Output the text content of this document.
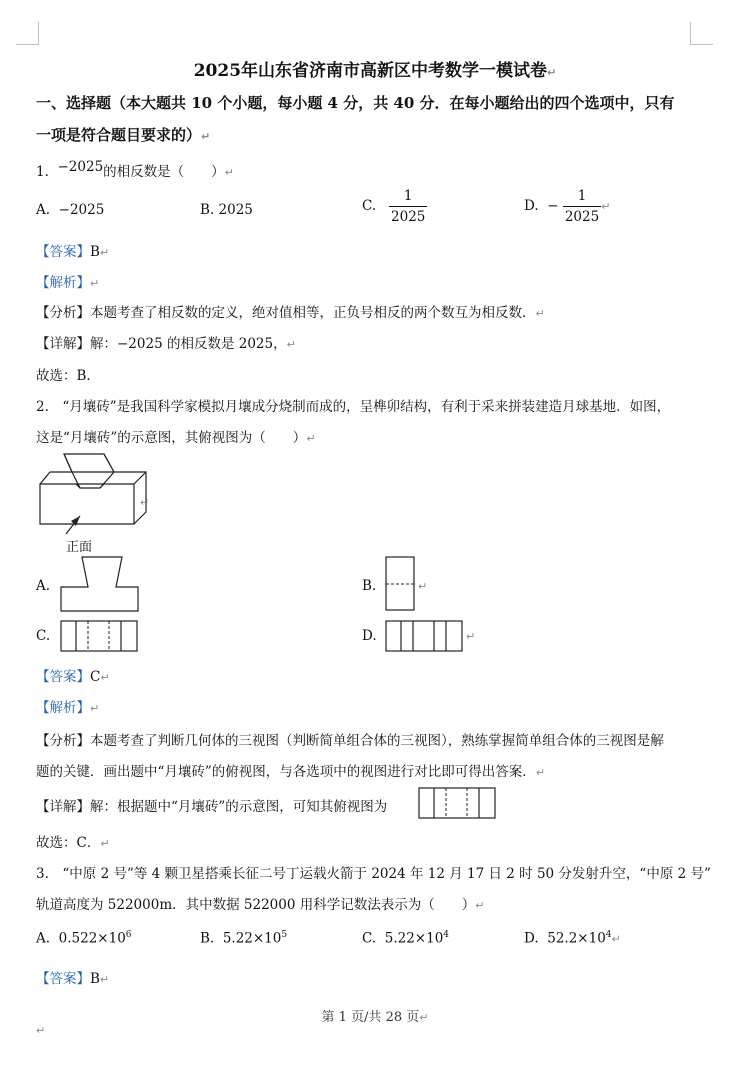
2025年山东省济南市高新区中考数学一模试卷↵
一、选择题（本大题共 10 个小题，每小题 4 分，共 40 分．在每小题给出的四个选项中，只有
一项是符合题目要求的）↵
1. −2025的相反数是（　　）↵
A. −2025	B. 2025	C. $\frac{1}{2025}$	D. − $\frac{1}{2025}$ ↵
【答案】B↵
【解析】↵
【分析】本题考查了相反数的定义，绝对值相等，正负号相反的两个数互为相反数．↵
【详解】解：−2025 的相反数是 2025，↵
故选：B．
2.　“月壤砖”是我国科学家模拟月壤成分烧制而成的，呈榫卯结构，有利于采来拼装建造月球基地．如图，
这是“月壤砖”的示意图，其俯视图为（　　）↵
正面
↵
A.	B.	↵
C.	D.	↵
【答案】C↵
【解析】↵
【分析】本题考查了判断几何体的三视图（判断简单组合体的三视图），熟练掌握简单组合体的三视图是解
题的关键．画出题中“月壤砖”的俯视图，与各选项中的视图进行对比即可得出答案．↵
【详解】解：根据题中“月壤砖”的示意图，可知其俯视图为
故选：C．↵
3.　“中原 2 号”等 4 颗卫星搭乘长征二号丁运载火箭于 2024 年 12 月 17 日 2 时 50 分发射升空，“中原 2 号”
轨道高度为 522000m．其中数据 522000 用科学记数法表示为（　　）↵
A. $0.522\times 10^6$	B. $5.22\times 10^5$	C. $5.22\times 10^4$	D. $52.2\times 10^4↵$
【答案】B↵
第 1 页/共 28 页↵
↵
